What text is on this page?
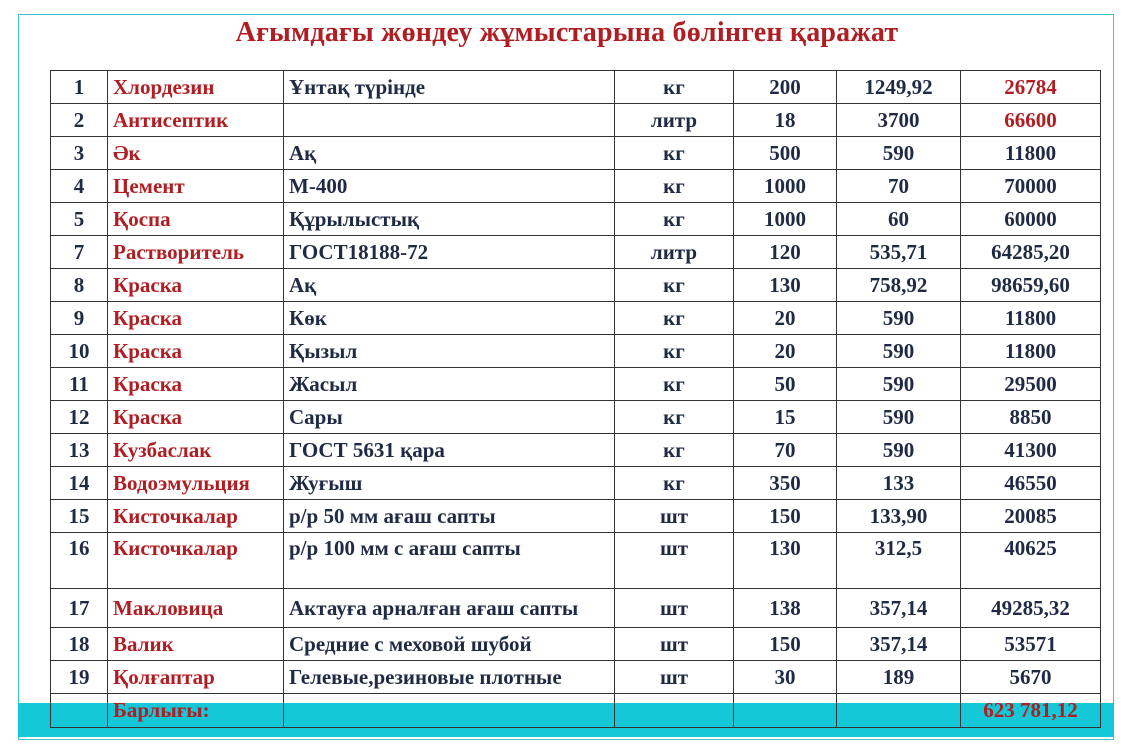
Ағымдағы жөндеу жұмыстарына бөлінген қаражат
1	Хлордезин	Ұнтақ түрінде	кг	200	1249,92	26784
2	Антисептик		литр	18	3700	66600
3	Әк	Ақ	кг	500	590	11800
4	Цемент	М-400	кг	1000	70	70000
5	Қоспа	Құрылыстық	кг	1000	60	60000
7	Растворитель	ГОСТ18188-72	литр	120	535,71	64285,20
8	Краска	Ақ	кг	130	758,92	98659,60
9	Краска	Көк	кг	20	590	11800
10	Краска	Қызыл	кг	20	590	11800
11	Краска	Жасыл	кг	50	590	29500
12	Краска	Сары	кг	15	590	8850
13	Кузбаслак	ГОСТ 5631 қара	кг	70	590	41300
14	Водоэмульция	Жуғыш	кг	350	133	46550
15	Кисточкалар	р/р 50 мм ағаш сапты	шт	150	133,90	20085
16	Кисточкалар	р/р 100 мм с ағаш сапты	шт	130	312,5	40625
17	Макловица	Актауға арналған ағаш сапты	шт	138	357,14	49285,32
18	Валик	Средние с меховой шубой	шт	150	357,14	53571
19	Қолғаптар	Гелевые,резиновые плотные	шт	30	189	5670
	Барлығы:					623 781,12
